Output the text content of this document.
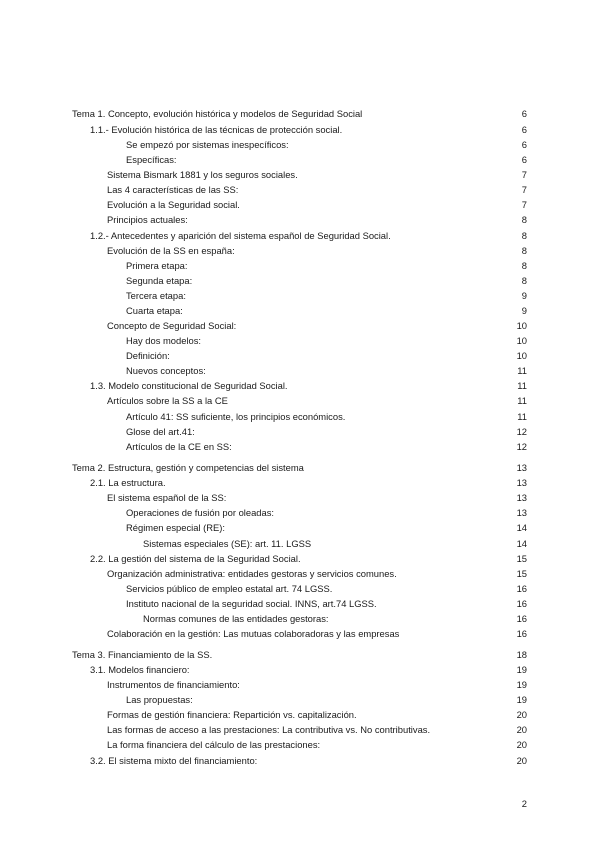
Tema 1. Concepto, evolución histórica y modelos de Seguridad Social	6
1.1.- Evolución histórica de las técnicas de protección social.	6
Se empezó por sistemas inespecíficos:	6
Específicas:	6
Sistema Bismark 1881 y los seguros sociales.	7
Las 4 características de las SS:	7
Evolución a la Seguridad social.	7
Principios actuales:	8
1.2.- Antecedentes y aparición del sistema español de Seguridad Social.	8
Evolución de la SS en españa:	8
Primera etapa:	8
Segunda etapa:	8
Tercera etapa:	9
Cuarta etapa:	9
Concepto de Seguridad Social:	10
Hay dos modelos:	10
Definición:	10
Nuevos conceptos:	11
1.3. Modelo constitucional de Seguridad Social.	11
Artículos sobre la SS a la CE	11
Artículo 41: SS suficiente, los principios económicos.	11
Glose del art.41:	12
Artículos de la CE en SS:	12
Tema 2. Estructura, gestión y competencias del sistema	13
2.1. La estructura.	13
El sistema español de la SS:	13
Operaciones de fusión por oleadas:	13
Régimen especial (RE):	14
Sistemas especiales (SE): art. 11. LGSS	14
2.2. La gestión del sistema de la Seguridad Social.	15
Organización administrativa: entidades gestoras y servicios comunes.	15
Servicios público de empleo estatal art. 74 LGSS.	16
Instituto nacional de la seguridad social. INNS, art.74 LGSS.	16
Normas comunes de las entidades gestoras:	16
Colaboración en la gestión: Las mutuas colaboradoras y las empresas	16
Tema 3. Financiamiento de la SS.	18
3.1. Modelos financiero:	19
Instrumentos de financiamiento:	19
Las propuestas:	19
Formas de gestión financiera: Repartición vs. capitalización.	20
Las formas de acceso a las prestaciones: La contributiva vs. No contributivas.	20
La forma financiera del cálculo de las prestaciones:	20
3.2. El sistema mixto del financiamiento:	20
2
